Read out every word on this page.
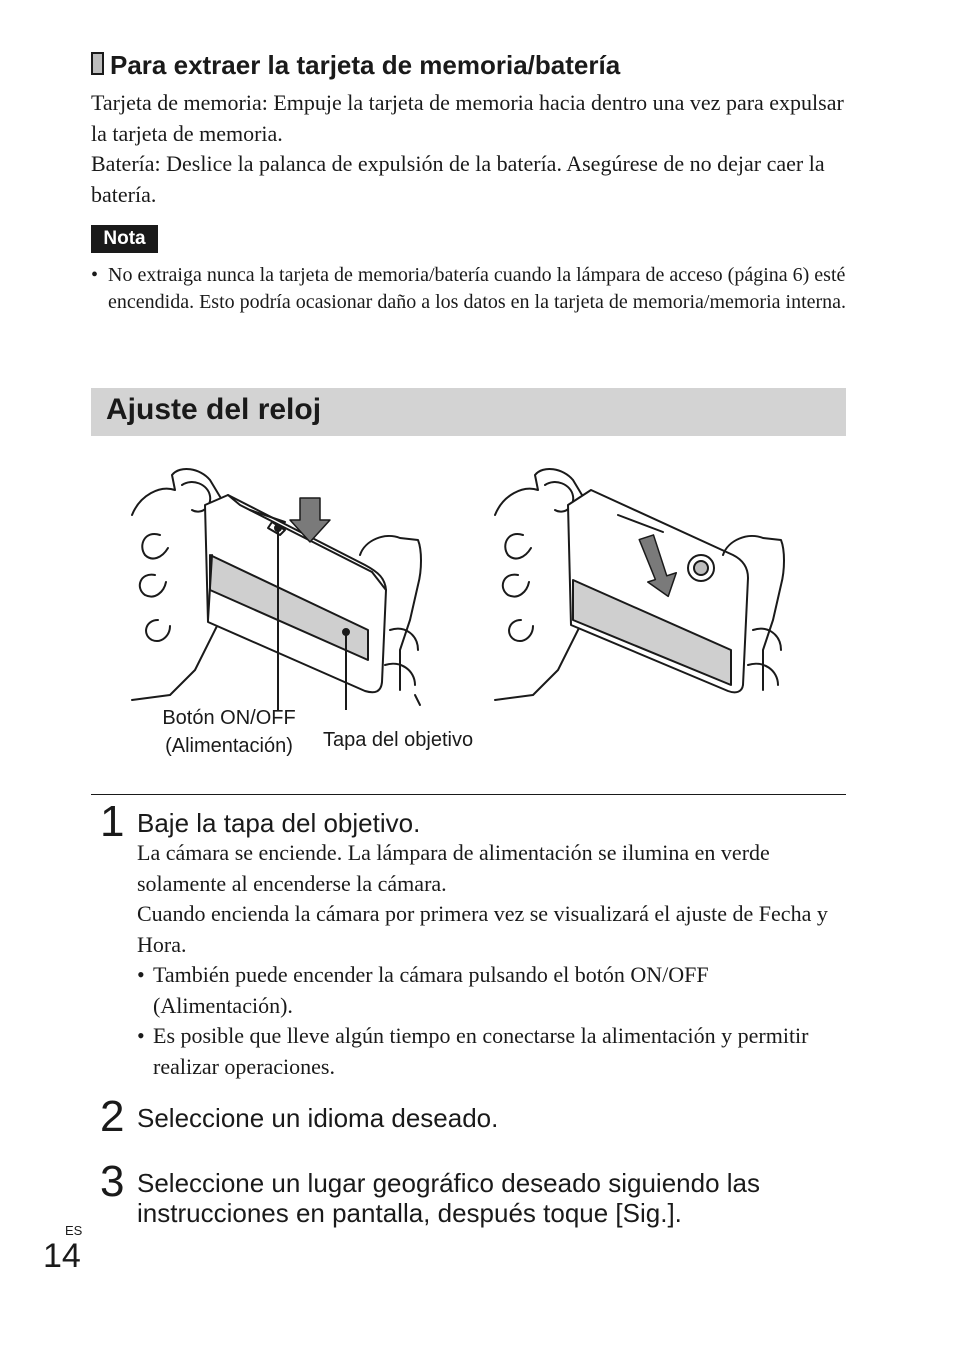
Para extraer la tarjeta de memoria/batería
Tarjeta de memoria: Empuje la tarjeta de memoria hacia dentro una vez para expulsar la tarjeta de memoria.
Batería: Deslice la palanca de expulsión de la batería. Asegúrese de no dejar caer la batería.
Nota
• No extraiga nunca la tarjeta de memoria/batería cuando la lámpara de acceso (página 6) esté encendida. Esto podría ocasionar daño a los datos en la tarjeta de memoria/memoria interna.
Ajuste del reloj
Botón ON/OFF
(Alimentación)	Tapa del objetivo
1 Baje la tapa del objetivo.
La cámara se enciende. La lámpara de alimentación se ilumina en verde solamente al encenderse la cámara.
Cuando encienda la cámara por primera vez se visualizará el ajuste de Fecha y Hora.
• También puede encender la cámara pulsando el botón ON/OFF (Alimentación).
• Es posible que lleve algún tiempo en conectarse la alimentación y permitir realizar operaciones.
2 Seleccione un idioma deseado.
3 Seleccione un lugar geográfico deseado siguiendo las instrucciones en pantalla, después toque [Sig.].
ES
14
